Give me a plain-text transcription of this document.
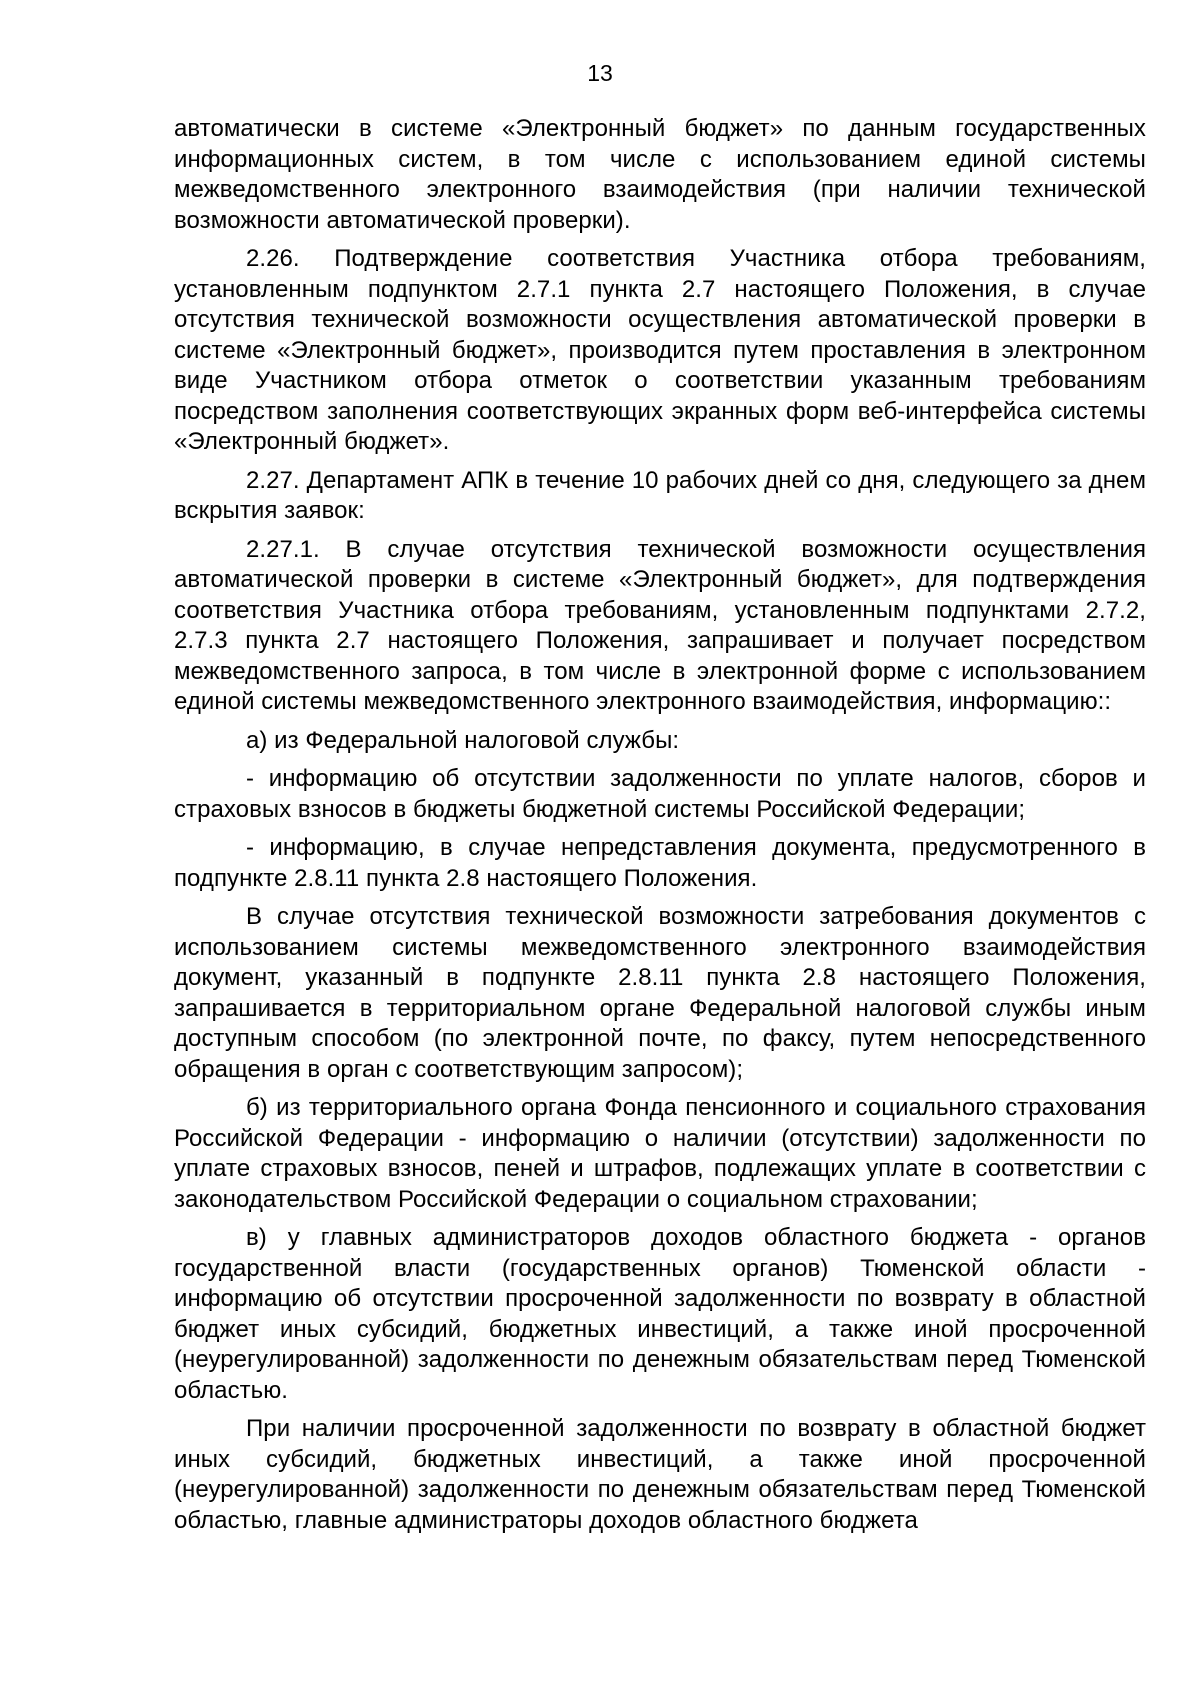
13

автоматически в системе «Электронный бюджет» по данным государственных информационных систем, в том числе с использованием единой системы межведомственного электронного взаимодействия (при наличии технической возможности автоматической проверки).

2.26. Подтверждение соответствия Участника отбора требованиям, установленным подпунктом 2.7.1 пункта 2.7 настоящего Положения, в случае отсутствия технической возможности осуществления автоматической проверки в системе «Электронный бюджет», производится путем проставления в электронном виде Участником отбора отметок о соответствии указанным требованиям посредством заполнения соответствующих экранных форм веб-интерфейса системы «Электронный бюджет».

2.27. Департамент АПК в течение 10 рабочих дней со дня, следующего за днем вскрытия заявок:

2.27.1. В случае отсутствия технической возможности осуществления автоматической проверки в системе «Электронный бюджет», для подтверждения соответствия Участника отбора требованиям, установленным подпунктами 2.7.2, 2.7.3 пункта 2.7 настоящего Положения, запрашивает и получает посредством межведомственного запроса, в том числе в электронной форме с использованием единой системы межведомственного электронного взаимодействия, информацию::

а) из Федеральной налоговой службы:

- информацию об отсутствии задолженности по уплате налогов, сборов и страховых взносов в бюджеты бюджетной системы Российской Федерации;

- информацию, в случае непредставления документа, предусмотренного в подпункте 2.8.11 пункта 2.8 настоящего Положения.

В случае отсутствия технической возможности затребования документов с использованием системы межведомственного электронного взаимодействия документ, указанный в подпункте 2.8.11 пункта 2.8 настоящего Положения, запрашивается в территориальном органе Федеральной налоговой службы иным доступным способом (по электронной почте, по факсу, путем непосредственного обращения в орган с соответствующим запросом);

б) из территориального органа Фонда пенсионного и социального страхования Российской Федерации - информацию о наличии (отсутствии) задолженности по уплате страховых взносов, пеней и штрафов, подлежащих уплате в соответствии с законодательством Российской Федерации о социальном страховании;

в) у главных администраторов доходов областного бюджета - органов государственной власти (государственных органов) Тюменской области - информацию об отсутствии просроченной задолженности по возврату в областной бюджет иных субсидий, бюджетных инвестиций, а также иной просроченной (неурегулированной) задолженности по денежным обязательствам перед Тюменской областью.

При наличии просроченной задолженности по возврату в областной бюджет иных субсидий, бюджетных инвестиций, а также иной просроченной (неурегулированной) задолженности по денежным обязательствам перед Тюменской областью, главные администраторы доходов областного бюджета
